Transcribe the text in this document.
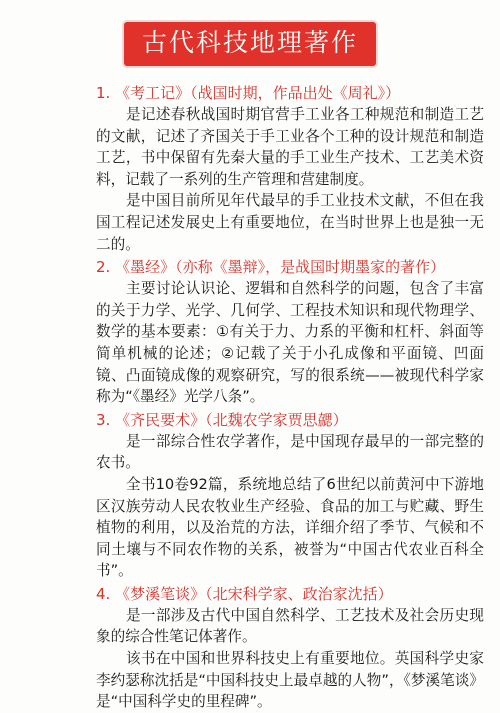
古代科技地理著作

1. 《考工记》（战国时期，作品出处《周礼》）

是记述春秋战国时期官营手工业各工种规范和制造工艺的文献，记述了齐国关于手工业各个工种的设计规范和制造工艺，书中保留有先秦大量的手工业生产技术、工艺美术资料，记载了一系列的生产管理和营建制度。

是中国目前所见年代最早的手工业技术文献，不但在我国工程记述发展史上有重要地位，在当时世界上也是独一无二的。

2. 《墨经》（亦称《墨辩》，是战国时期墨家的著作）

主要讨论认识论、逻辑和自然科学的问题，包含了丰富的关于力学、光学、几何学、工程技术知识和现代物理学、数学的基本要素：①有关于力、力系的平衡和杠杆、斜面等简单机械的论述；②记载了关于小孔成像和平面镜、凹面镜、凸面镜成像的观察研究，写的很系统——被现代科学家称为“《墨经》光学八条”。

3. 《齐民要术》（北魏农学家贾思勰）

是一部综合性农学著作，是中国现存最早的一部完整的农书。

全书10卷92篇，系统地总结了6世纪以前黄河中下游地区汉族劳动人民农牧业生产经验、食品的加工与贮藏、野生植物的利用，以及治荒的方法，详细介绍了季节、气候和不同土壤与不同农作物的关系，被誉为“中国古代农业百科全书”。

4. 《梦溪笔谈》（北宋科学家、政治家沈括）

是一部涉及古代中国自然科学、工艺技术及社会历史现象的综合性笔记体著作。

该书在中国和世界科技史上有重要地位。英国科学史家李约瑟称沈括是“中国科技史上最卓越的人物”，《梦溪笔谈》是“中国科学史的里程碑”。
